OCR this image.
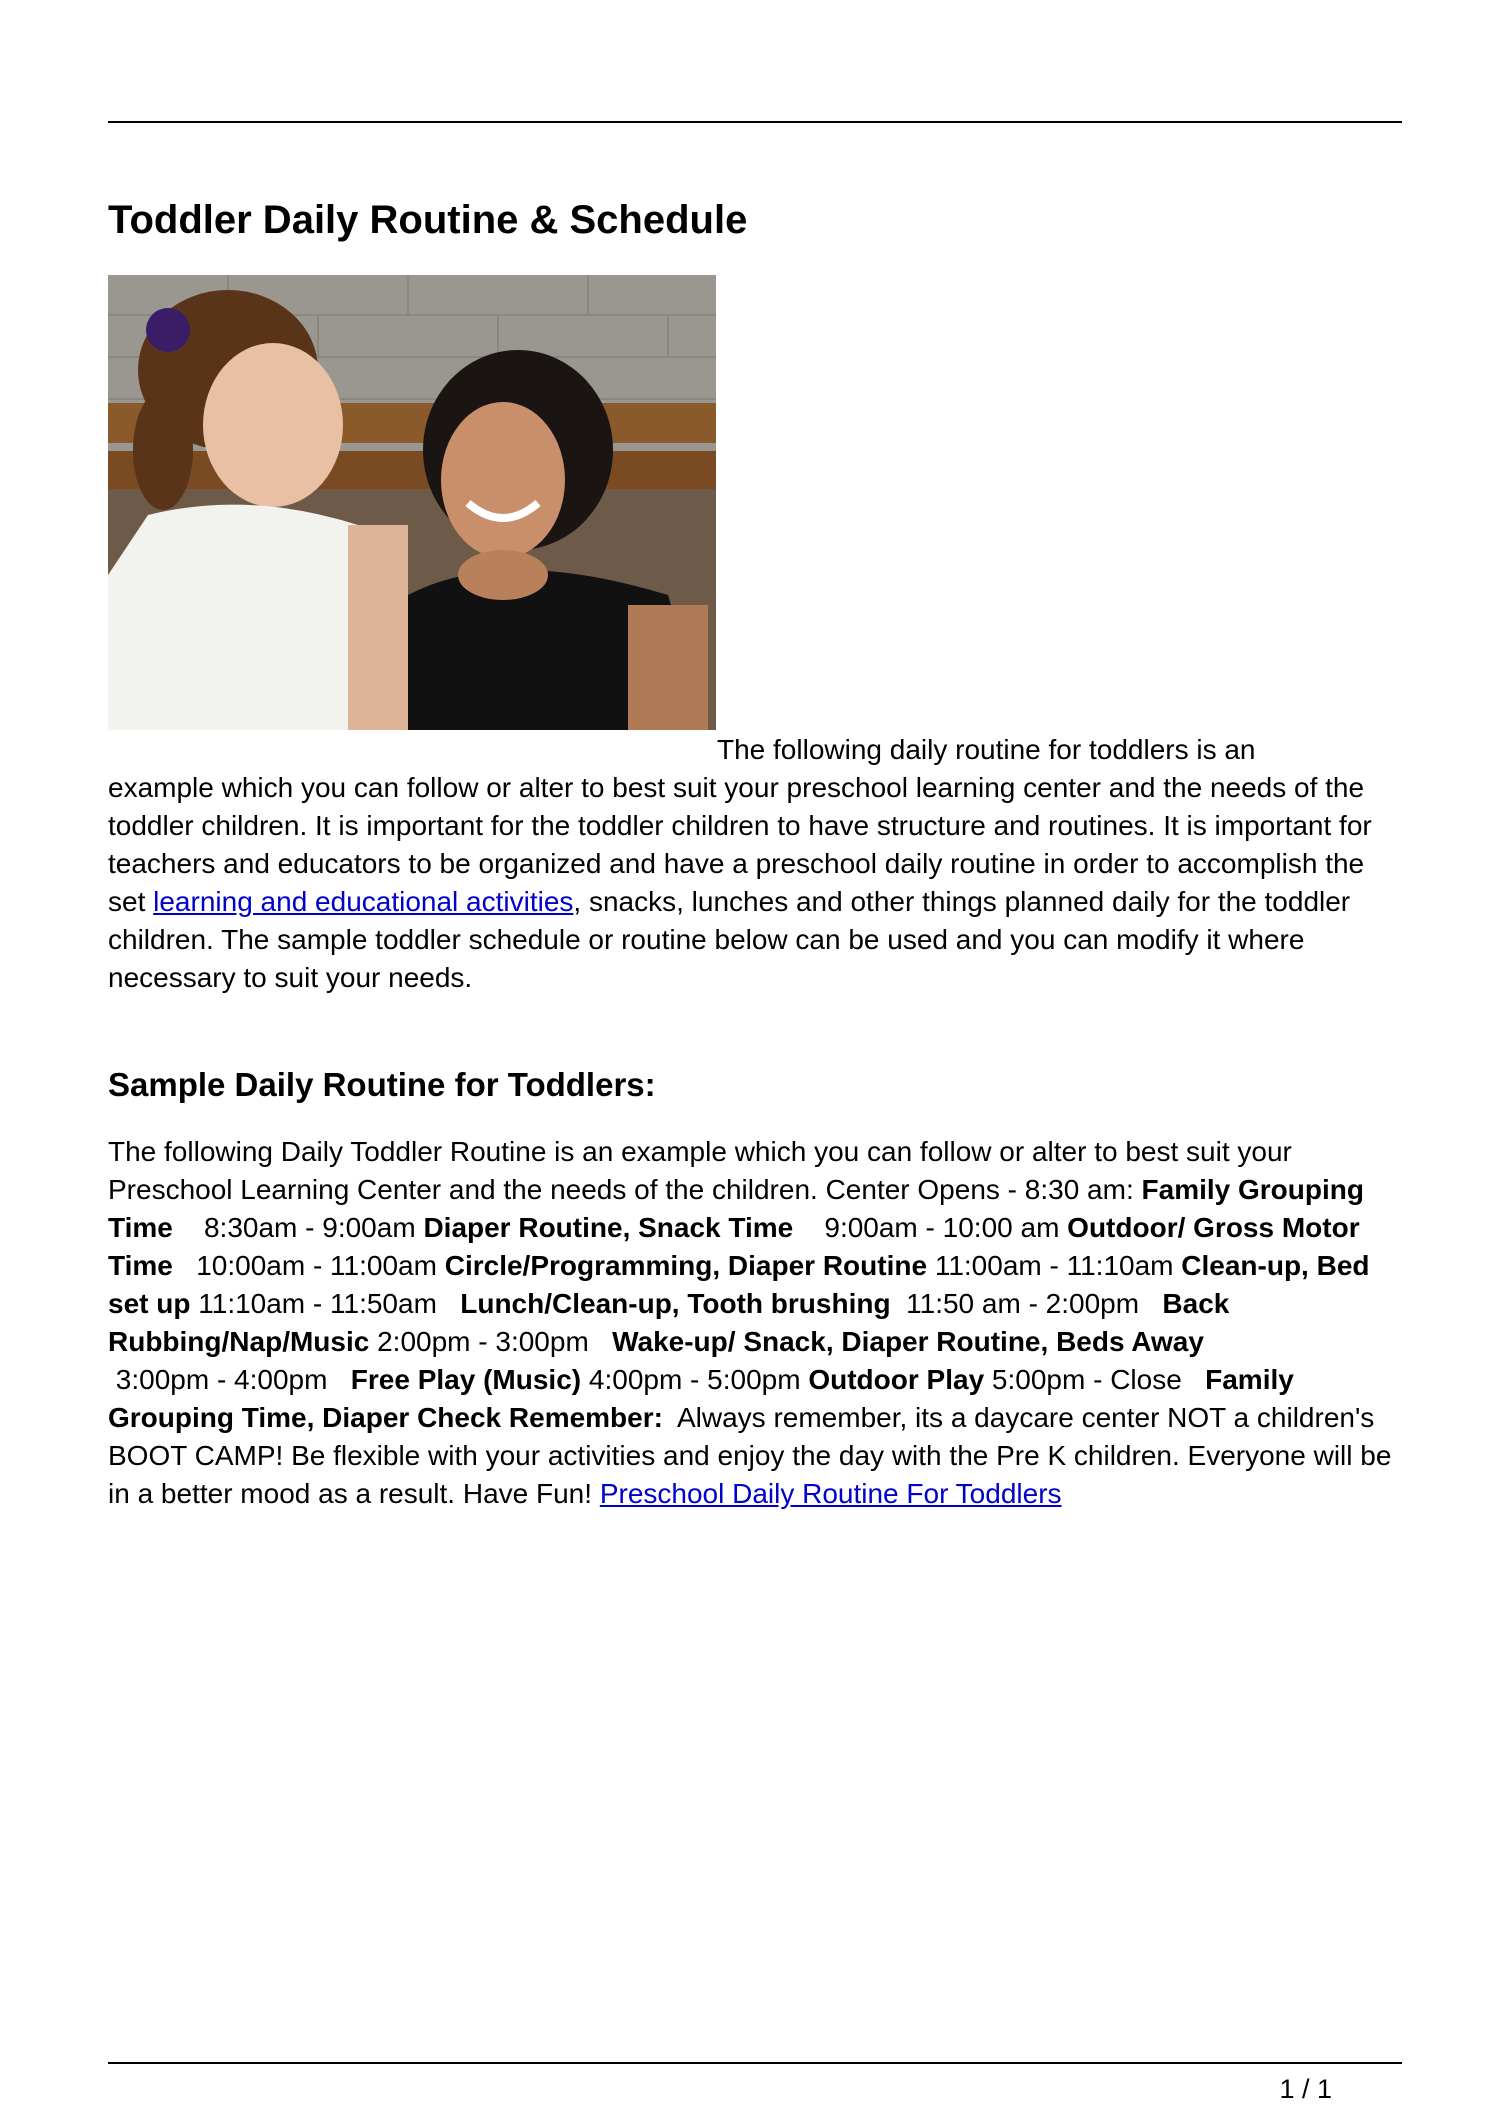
Toddler Daily Routine & Schedule
The following daily routine for toddlers is an
example which you can follow or alter to best suit your preschool learning center and the needs of the toddler children. It is important for the toddler children to have structure and routines. It is important for teachers and educators to be organized and have a preschool daily routine in order to accomplish the set learning and educational activities, snacks, lunches and other things planned daily for the toddler children. The sample toddler schedule or routine below can be used and you can modify it where necessary to suit your needs.
Sample Daily Routine for Toddlers:
The following Daily Toddler Routine is an example which you can follow or alter to best suit your Preschool Learning Center and the needs of the children. Center Opens - 8:30 am: Family Grouping Time    8:30am - 9:00am Diaper Routine, Snack Time    9:00am - 10:00 am Outdoor/ Gross Motor Time   10:00am - 11:00am Circle/Programming, Diaper Routine 11:00am - 11:10am Clean-up, Bed set up 11:10am - 11:50am   Lunch/Clean-up, Tooth brushing  11:50 am - 2:00pm   Back Rubbing/Nap/Music 2:00pm - 3:00pm   Wake-up/ Snack, Diaper Routine, Beds Away 3:00pm - 4:00pm   Free Play (Music) 4:00pm - 5:00pm Outdoor Play 5:00pm - Close   Family Grouping Time, Diaper Check Remember: Always remember, its a daycare center NOT a children's BOOT CAMP! Be flexible with your activities and enjoy the day with the Pre K children. Everyone will be in a better mood as a result. Have Fun! Preschool Daily Routine For Toddlers
1 / 1
